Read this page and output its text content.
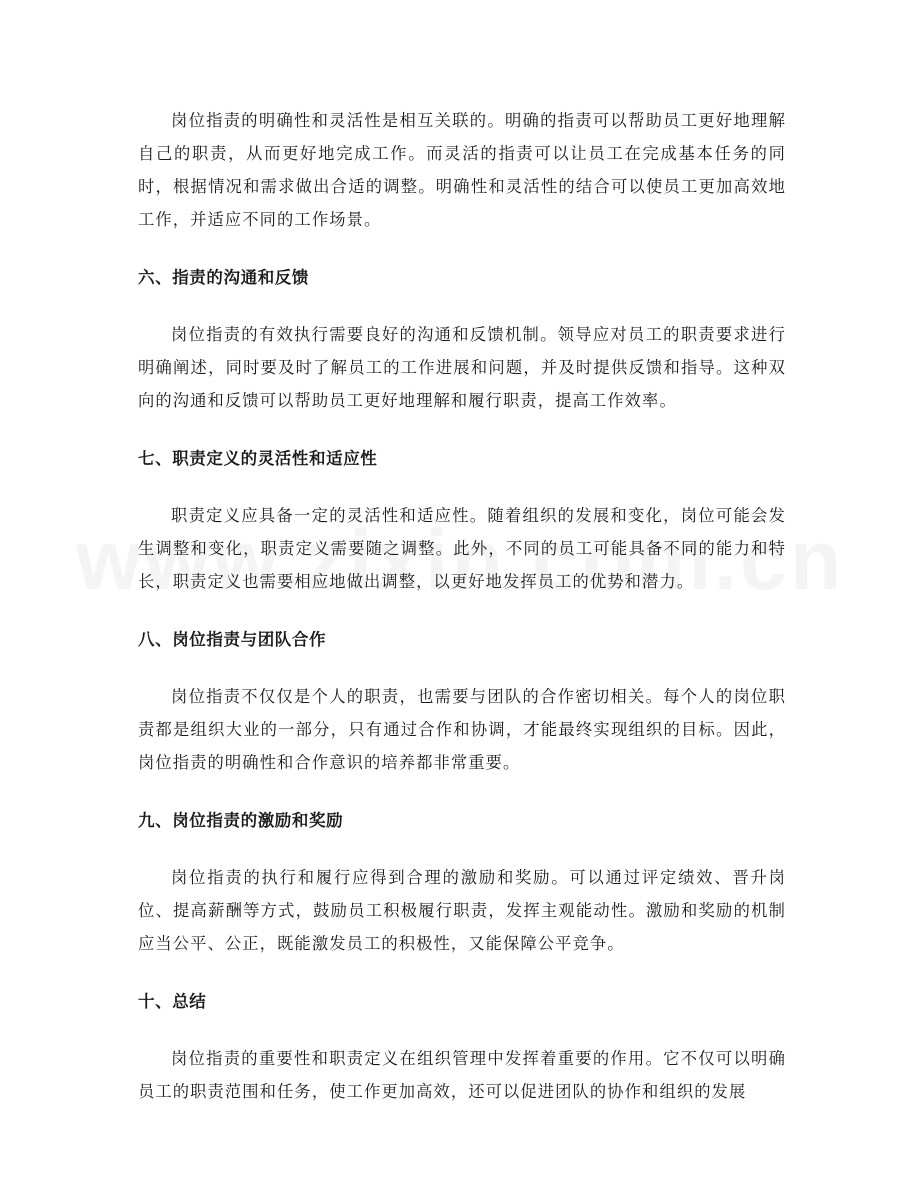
岗位指责的明确性和灵活性是相互关联的。明确的指责可以帮助员工更好地理解自己的职责，从而更好地完成工作。而灵活的指责可以让员工在完成基本任务的同时，根据情况和需求做出合适的调整。明确性和灵活性的结合可以使员工更加高效地工作，并适应不同的工作场景。

六、指责的沟通和反馈

岗位指责的有效执行需要良好的沟通和反馈机制。领导应对员工的职责要求进行明确阐述，同时要及时了解员工的工作进展和问题，并及时提供反馈和指导。这种双向的沟通和反馈可以帮助员工更好地理解和履行职责，提高工作效率。

七、职责定义的灵活性和适应性

职责定义应具备一定的灵活性和适应性。随着组织的发展和变化，岗位可能会发生调整和变化，职责定义需要随之调整。此外，不同的员工可能具备不同的能力和特长，职责定义也需要相应地做出调整，以更好地发挥员工的优势和潜力。

八、岗位指责与团队合作

岗位指责不仅仅是个人的职责，也需要与团队的合作密切相关。每个人的岗位职责都是组织大业的一部分，只有通过合作和协调，才能最终实现组织的目标。因此，岗位指责的明确性和合作意识的培养都非常重要。

九、岗位指责的激励和奖励

岗位指责的执行和履行应得到合理的激励和奖励。可以通过评定绩效、晋升岗位、提高薪酬等方式，鼓励员工积极履行职责，发挥主观能动性。激励和奖励的机制应当公平、公正，既能激发员工的积极性，又能保障公平竞争。

十、总结

岗位指责的重要性和职责定义在组织管理中发挥着重要的作用。它不仅可以明确员工的职责范围和任务，使工作更加高效，还可以促进团队的协作和组织的发展
